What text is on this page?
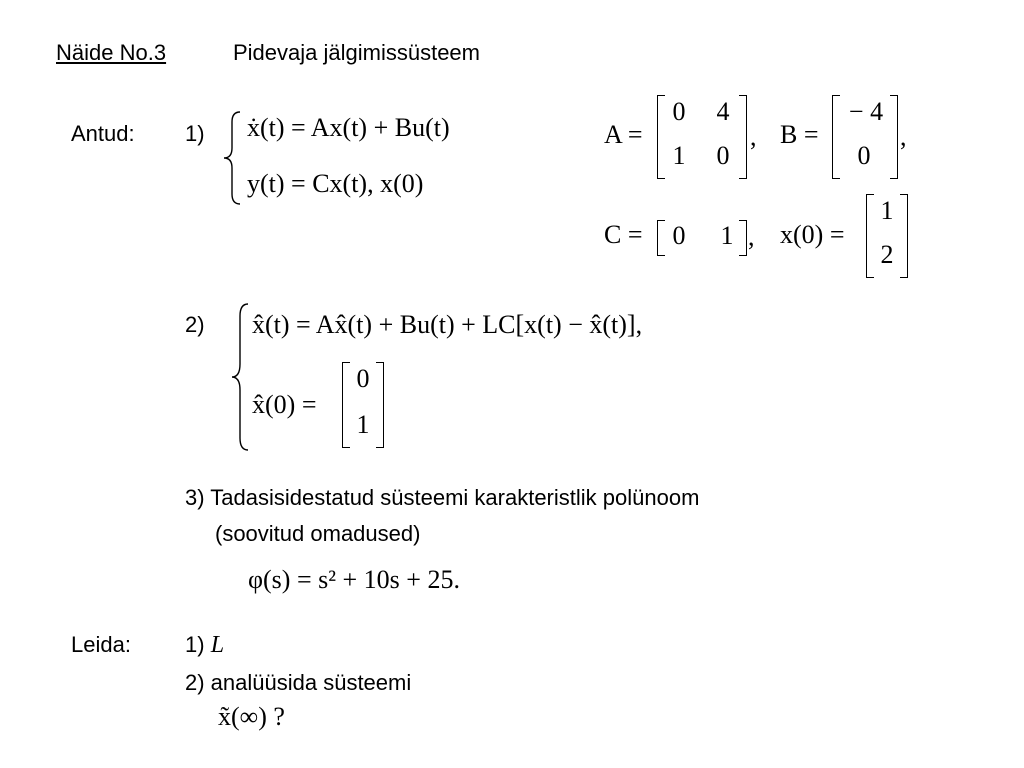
Näide No.3	Pidevaja jälgimissüsteem
Antud: 1) ẋ(t) = Ax(t) + Bu(t)
y(t) = Cx(t), x(0)
A =
0	4
1	0
, B =
− 4
0
,
C =	0	1 , x(0) =
1
2
2) x̂(t) = Ax̂(t) + Bu(t) + LC[x(t) − x̂(t)],
x̂(0) =
0
1
3) Tadasisidestatud süsteemi karakteristlik polünoom
(soovitud omadused)
φ(s) = s² + 10s + 25.
Leida: 1) L
2) analüüsida süsteemi
x̃(∞) ?
